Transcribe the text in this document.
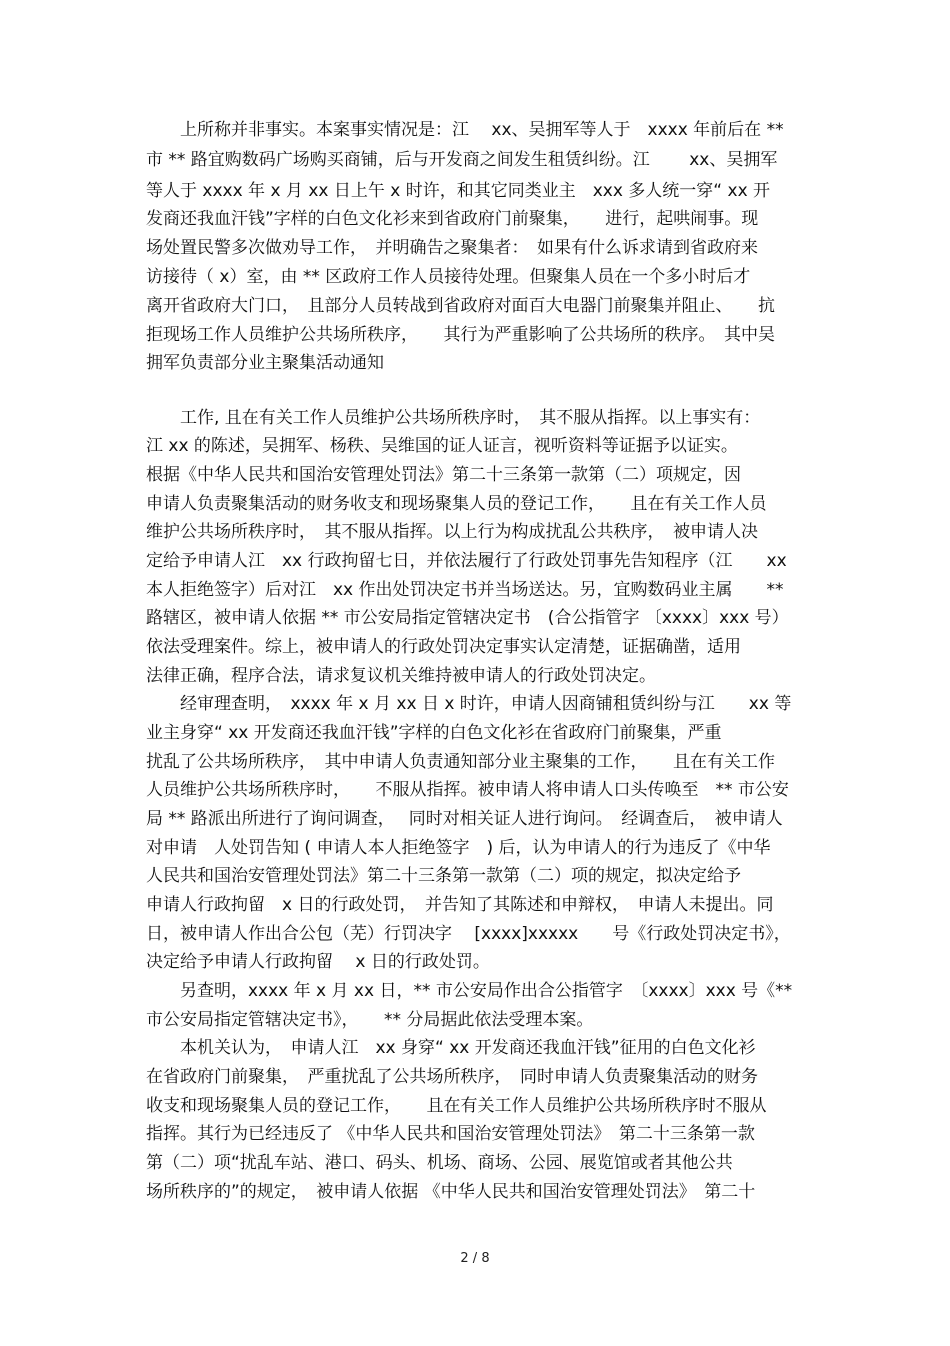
　　上所称并非事实。本案事实情况是：江　 xx、吴拥军等人于　xxxx 年前后在 **
市 ** 路宜购数码广场购买商铺，后与开发商之间发生租赁纠纷。江　　 xx、吴拥军
等人于 xxxx 年 x 月 xx 日上午 x 时许，和其它同类业主　xxx 多人统一穿“ xx 开
发商还我血汗钱”字样的白色文化衫来到省政府门前聚集，　　进行，起哄闹事。现
场处置民警多次做劝导工作，　并明确告之聚集者：　如果有什么诉求请到省政府来
访接待（ x）室，由 ** 区政府工作人员接待处理。但聚集人员在一个多小时后才
离开省政府大门口，　且部分人员转战到省政府对面百大电器门前聚集并阻止、　　抗
拒现场工作人员维护公共场所秩序，　　其行为严重影响了公共场所的秩序。　其中吴
拥军负责部分业主聚集活动通知
　　工作, 且在有关工作人员维护公共场所秩序时，　其不服从指挥。以上事实有：
江 xx 的陈述，吴拥军、杨秩、吴维国的证人证言，视听资料等证据予以证实。
根据《中华人民共和国治安管理处罚法》第二十三条第一款第（二）项规定，因
申请人负责聚集活动的财务收支和现场聚集人员的登记工作，　　且在有关工作人员
维护公共场所秩序时，　其不服从指挥。以上行为构成扰乱公共秩序，　被申请人决
定给予申请人江　xx 行政拘留七日，并依法履行了行政处罚事先告知程序（江　　xx
本人拒绝签字）后对江　xx 作出处罚决定书并当场送达。另，宜购数码业主属　　**
路辖区，被申请人依据 ** 市公安局指定管辖决定书　(合公指管字 〔xxxx〕xxx 号）
依法受理案件。综上，被申请人的行政处罚决定事实认定清楚，证据确凿，适用
法律正确，程序合法，请求复议机关维持被申请人的行政处罚决定。
　　经审理查明，　xxxx 年 x 月 xx 日 x 时许，申请人因商铺租赁纠纷与江　　xx 等
业主身穿“ xx 开发商还我血汗钱”字样的白色文化衫在省政府门前聚集，严重
扰乱了公共场所秩序，　其中申请人负责通知部分业主聚集的工作，　　且在有关工作
人员维护公共场所秩序时，　　不服从指挥。被申请人将申请人口头传唤至　** 市公安
局 ** 路派出所进行了询问调查，　 同时对相关证人进行询问。　经调查后，　被申请人
对申请　人处罚告知 ( 申请人本人拒绝签字　) 后，认为申请人的行为违反了《中华
人民共和国治安管理处罚法》第二十三条第一款第（二）项的规定，拟决定给予
申请人行政拘留　x 日的行政处罚，　并告知了其陈述和申辩权，　申请人未提出。同
日，被申请人作出合公包（芜）行罚决字　 [xxxx]xxxxx　　号《行政处罚决定书》，
决定给予申请人行政拘留　 x 日的行政处罚。
　　另查明，xxxx 年 x 月 xx 日，** 市公安局作出合公指管字　〔xxxx〕xxx 号《**
市公安局指定管辖决定书》，　　** 分局据此依法受理本案。
　　本机关认为，　申请人江　xx 身穿“ xx 开发商还我血汗钱”征用的白色文化衫
在省政府门前聚集，　严重扰乱了公共场所秩序，　同时申请人负责聚集活动的财务
收支和现场聚集人员的登记工作，　　且在有关工作人员维护公共场所秩序时不服从
指挥。其行为已经违反了 《中华人民共和国治安管理处罚法》　第二十三条第一款
第（二）项“扰乱车站、港口、码头、机场、商场、公园、展览馆或者其他公共
场所秩序的”的规定，　被申请人依据 《中华人民共和国治安管理处罚法》　第二十
2 / 8
